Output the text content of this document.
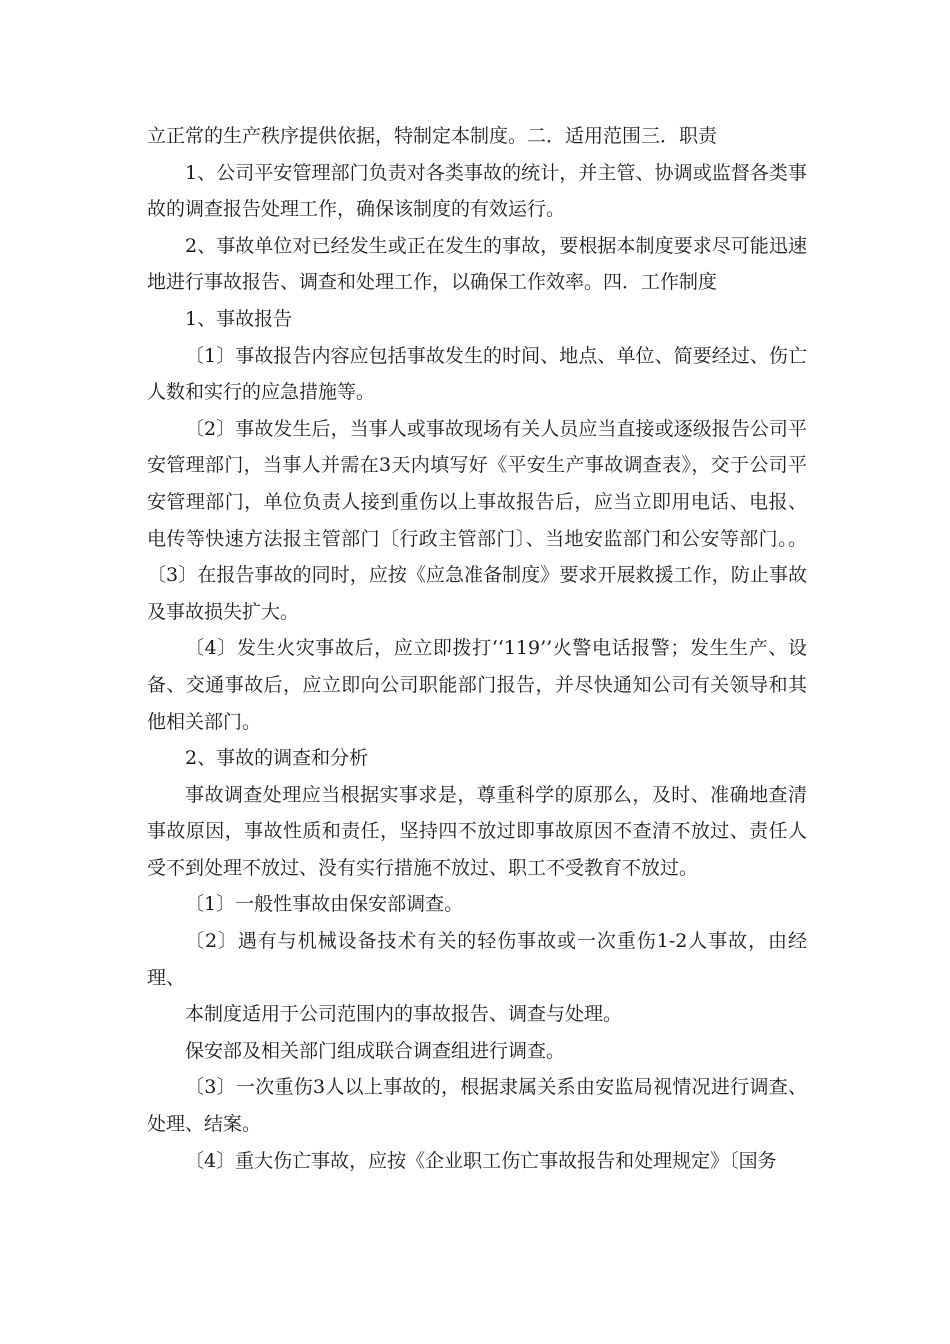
立正常的生产秩序提供依据，特制定本制度。二．适用范围三．职责

1、公司平安管理部门负责对各类事故的统计，并主管、协调或监督各类事故的调查报告处理工作，确保该制度的有效运行。

2、事故单位对已经发生或正在发生的事故，要根据本制度要求尽可能迅速地进行事故报告、调查和处理工作，以确保工作效率。四．工作制度

1、事故报告

〔1〕事故报告内容应包括事故发生的时间、地点、单位、简要经过、伤亡人数和实行的应急措施等。

〔2〕事故发生后，当事人或事故现场有关人员应当直接或逐级报告公司平安管理部门，当事人并需在3天内填写好《平安生产事故调查表》，交于公司平安管理部门，单位负责人接到重伤以上事故报告后，应当立即用电话、电报、电传等快速方法报主管部门〔行政主管部门〕、当地安监部门和公安等部门。。〔3〕在报告事故的同时，应按《应急准备制度》要求开展救援工作，防止事故及事故损失扩大。

〔4〕发生火灾事故后，应立即拨打‘‘119’’火警电话报警；发生生产、设备、交通事故后，应立即向公司职能部门报告，并尽快通知公司有关领导和其他相关部门。

2、事故的调查和分析

事故调查处理应当根据实事求是，尊重科学的原那么，及时、准确地查清事故原因，事故性质和责任，坚持四不放过即事故原因不查清不放过、责任人受不到处理不放过、没有实行措施不放过、职工不受教育不放过。

〔1〕一般性事故由保安部调查。

〔2〕遇有与机械设备技术有关的轻伤事故或一次重伤1-2人事故，由经理、

本制度适用于公司范围内的事故报告、调查与处理。

保安部及相关部门组成联合调查组进行调查。

〔3〕一次重伤3人以上事故的，根据隶属关系由安监局视情况进行调查、处理、结案。

〔4〕重大伤亡事故，应按《企业职工伤亡事故报告和处理规定》〔国务
